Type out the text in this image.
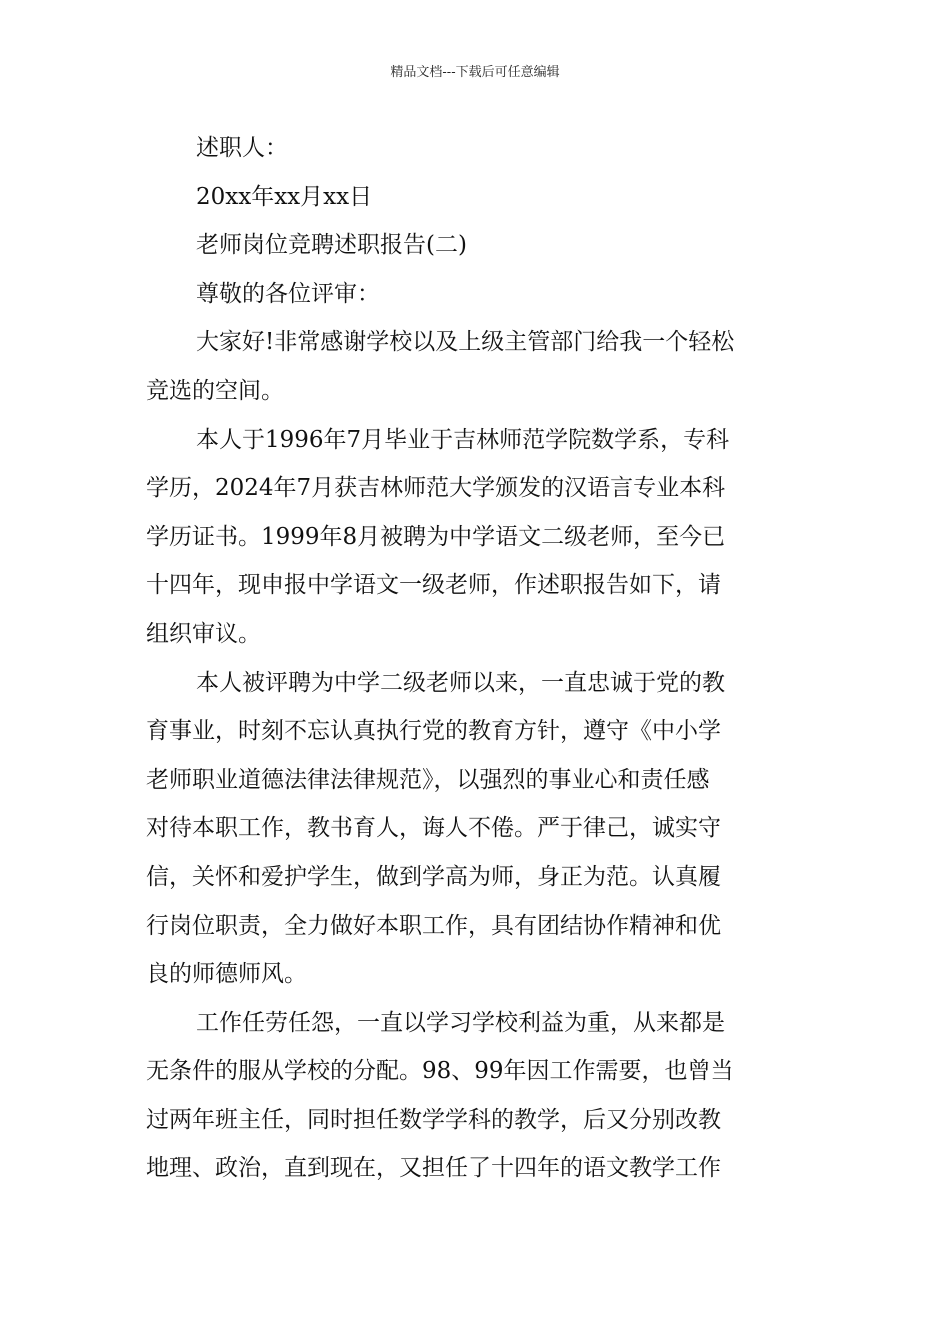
精品文档---下载后可任意编辑

述职人：

20xx年xx月xx日

老师岗位竞聘述职报告(二)

尊敬的各位评审：

大家好!非常感谢学校以及上级主管部门给我一个轻松

竞选的空间。

本人于1996年7月毕业于吉林师范学院数学系，专科

学历，2024年7月获吉林师范大学颁发的汉语言专业本科

学历证书。1999年8月被聘为中学语文二级老师，至今已

十四年，现申报中学语文一级老师，作述职报告如下，请

组织审议。

本人被评聘为中学二级老师以来，一直忠诚于党的教

育事业，时刻不忘认真执行党的教育方针，遵守《中小学

老师职业道德法律法律规范》，以强烈的事业心和责任感

对待本职工作，教书育人，诲人不倦。严于律己，诚实守

信，关怀和爱护学生，做到学高为师，身正为范。认真履

行岗位职责，全力做好本职工作，具有团结协作精神和优

良的师德师风。

工作任劳任怨，一直以学习学校利益为重，从来都是

无条件的服从学校的分配。98、99年因工作需要，也曾当

过两年班主任，同时担任数学学科的教学，后又分别改教

地理、政治，直到现在，又担任了十四年的语文教学工作
